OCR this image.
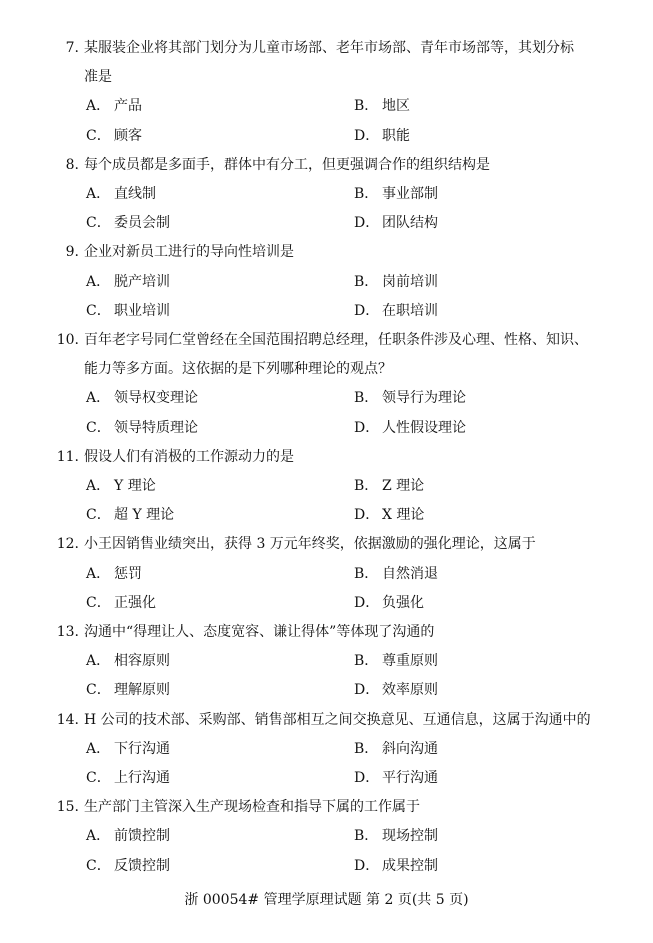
7. 某服装企业将其部门划分为儿童市场部、老年市场部、青年市场部等，其划分标
准是
A． 产品	B． 地区
C． 顾客	D． 职能
8. 每个成员都是多面手，群体中有分工，但更强调合作的组织结构是
A． 直线制	B． 事业部制
C． 委员会制	D． 团队结构
9. 企业对新员工进行的导向性培训是
A． 脱产培训	B． 岗前培训
C． 职业培训	D． 在职培训
10. 百年老字号同仁堂曾经在全国范围招聘总经理，任职条件涉及心理、性格、知识、
能力等多方面。这依据的是下列哪种理论的观点？
A． 领导权变理论	B． 领导行为理论
C． 领导特质理论	D． 人性假设理论
11. 假设人们有消极的工作源动力的是
A． Y 理论	B． Z 理论
C． 超 Y 理论	D． X 理论
12. 小王因销售业绩突出，获得 3 万元年终奖，依据激励的强化理论，这属于
A． 惩罚	B． 自然消退
C． 正强化	D． 负强化
13. 沟通中“得理让人、态度宽容、谦让得体”等体现了沟通的
A． 相容原则	B． 尊重原则
C． 理解原则	D． 效率原则
14. H 公司的技术部、采购部、销售部相互之间交换意见、互通信息，这属于沟通中的
A． 下行沟通	B． 斜向沟通
C． 上行沟通	D． 平行沟通
15. 生产部门主管深入生产现场检查和指导下属的工作属于
A． 前馈控制	B． 现场控制
C． 反馈控制	D． 成果控制
浙 00054# 管理学原理试题 第 2 页(共 5 页)
